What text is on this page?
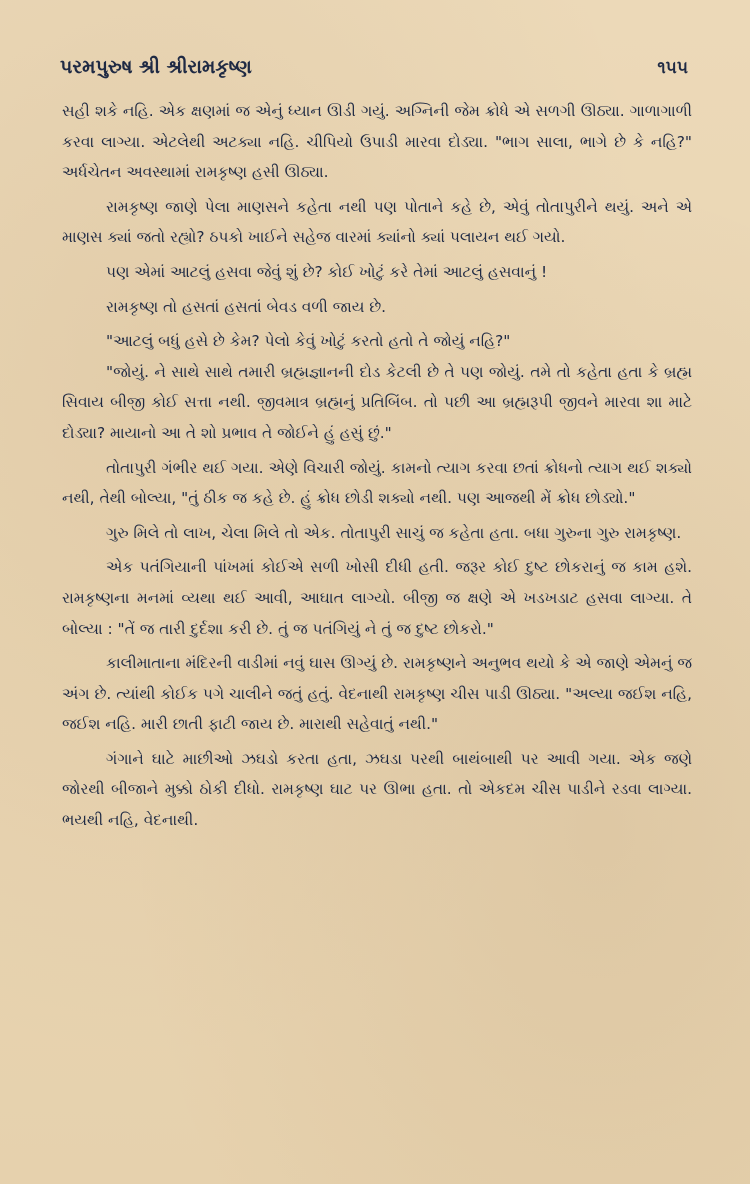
પરમપુરુષ શ્રી શ્રીરામકૃષ્ણ	૧૫૫

સહી શકે નહિ. એક ક્ષણમાં જ એનું ધ્યાન ઊડી ગયું. અગ્નિની જેમ ક્રોધે એ સળગી ઊઠ્યા. ગાળાગાળી કરવા લાગ્યા. એટલેથી અટક્યા નહિ. ચીપિયો ઉપાડી મારવા દોડ્યા. "ભાગ સાલા, ભાગે છે કે નહિ?" અર્ધચેતન અવસ્થામાં રામકૃષ્ણ હસી ઊઠ્યા.

રામકૃષ્ણ જાણે પેલા માણસને કહેતા નથી પણ પોતાને કહે છે, એવું તોતાપુરીને થયું. અને એ માણસ ક્યાં જતો રહ્યો? ઠપકો ખાઈને સહેજ વારમાં ક્યાંનો ક્યાં પલાયન થઈ ગયો.

પણ એમાં આટલું હસવા જેવું શું છે? કોઈ ખોટું કરે તેમાં આટલું હસવાનું !

રામકૃષ્ણ તો હસતાં હસતાં બેવડ વળી જાય છે.

"આટલું બધું હસે છે કેમ? પેલો કેવું ખોટું કરતો હતો તે જોયું નહિ?"

"જોયું. ને સાથે સાથે તમારી બ્રહ્મજ્ઞાનની દોડ કેટલી છે તે પણ જોયું. તમે તો કહેતા હતા કે બ્રહ્મ સિવાય બીજી કોઈ સત્તા નથી. જીવમાત્ર બ્રહ્મનું પ્રતિબિંબ. તો પછી આ બ્રહ્મરૂપી જીવને મારવા શા માટે દોડ્યા? માયાનો આ તે શો પ્રભાવ તે જોઈને હું હસું છું."

તોતાપુરી ગંભીર થઈ ગયા. એણે વિચારી જોયું. કામનો ત્યાગ કરવા છતાં ક્રોધનો ત્યાગ થઈ શક્યો નથી, તેથી બોલ્યા, "તું ઠીક જ કહે છે. હું ક્રોધ છોડી શક્યો નથી. પણ આજથી મેં ક્રોધ છોડ્યો."

ગુરુ મિલે તો લાખ, ચેલા મિલે તો એક. તોતાપુરી સાચું જ કહેતા હતા. બધા ગુરુના ગુરુ રામકૃષ્ણ.

એક પતંગિયાની પાંખમાં કોઈએ સળી ખોસી દીધી હતી. જરૂર કોઈ દુષ્ટ છોકરાનું જ કામ હશે. રામકૃષ્ણના મનમાં વ્યથા થઈ આવી, આઘાત લાગ્યો. બીજી જ ક્ષણે એ ખડખડાટ હસવા લાગ્યા. તે બોલ્યા : "તેં જ તારી દુર્દશા કરી છે. તું જ પતંગિયું ને તું જ દુષ્ટ છોકરો."

કાલીમાતાના મંદિરની વાડીમાં નવું ઘાસ ઊગ્યું છે. રામકૃષ્ણને અનુભવ થયો કે એ જાણે એમનું જ અંગ છે. ત્યાંથી કોઈક પગે ચાલીને જતું હતું. વેદનાથી રામકૃષ્ણ ચીસ પાડી ઊઠ્યા. "અલ્યા જઈશ નહિ, જઈશ નહિ. મારી છાતી ફાટી જાય છે. મારાથી સહેવાતું નથી."

ગંગાને ઘાટે માછીઓ ઝઘડો કરતા હતા, ઝઘડા પરથી બાથંબાથી પર આવી ગયા. એક જણે જોરથી બીજાને મુક્કો ઠોકી દીધો. રામકૃષ્ણ ઘાટ પર ઊભા હતા. તો એકદમ ચીસ પાડીને રડવા લાગ્યા. ભયથી નહિ, વેદનાથી.
